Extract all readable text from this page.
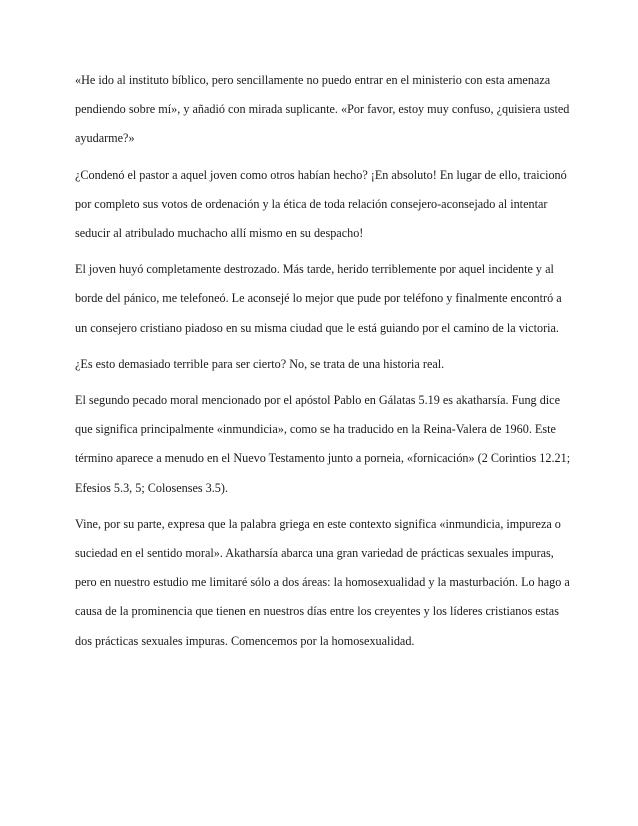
«He ido al instituto bíblico, pero sencillamente no puedo entrar en el ministerio con esta amenaza pendiendo sobre mí», y añadió con mirada suplicante. «Por favor, estoy muy confuso, ¿quisiera usted ayudarme?»

¿Condenó el pastor a aquel joven como otros habían hecho? ¡En absoluto! En lugar de ello, traicionó por completo sus votos de ordenación y la ética de toda relación consejero-aconsejado al intentar seducir al atribulado muchacho allí mismo en su despacho!

El joven huyó completamente destrozado. Más tarde, herido terriblemente por aquel incidente y al borde del pánico, me telefoneó. Le aconsejé lo mejor que pude por teléfono y finalmente encontró a un consejero cristiano piadoso en su misma ciudad que le está guiando por el camino de la victoria.

¿Es esto demasiado terrible para ser cierto? No, se trata de una historia real.

El segundo pecado moral mencionado por el apóstol Pablo en Gálatas 5.19 es akatharsía. Fung dice que significa principalmente «inmundicia», como se ha traducido en la Reina-Valera de 1960. Este término aparece a menudo en el Nuevo Testamento junto a porneia, «fornicación» (2 Corintios 12.21; Efesios 5.3, 5; Colosenses 3.5).

Vine, por su parte, expresa que la palabra griega en este contexto significa «inmundicia, impureza o suciedad en el sentido moral». Akatharsía abarca una gran variedad de prácticas sexuales impuras, pero en nuestro estudio me limitaré sólo a dos áreas: la homosexualidad y la masturbación. Lo hago a causa de la prominencia que tienen en nuestros días entre los creyentes y los líderes cristianos estas dos prácticas sexuales impuras. Comencemos por la homosexualidad.
